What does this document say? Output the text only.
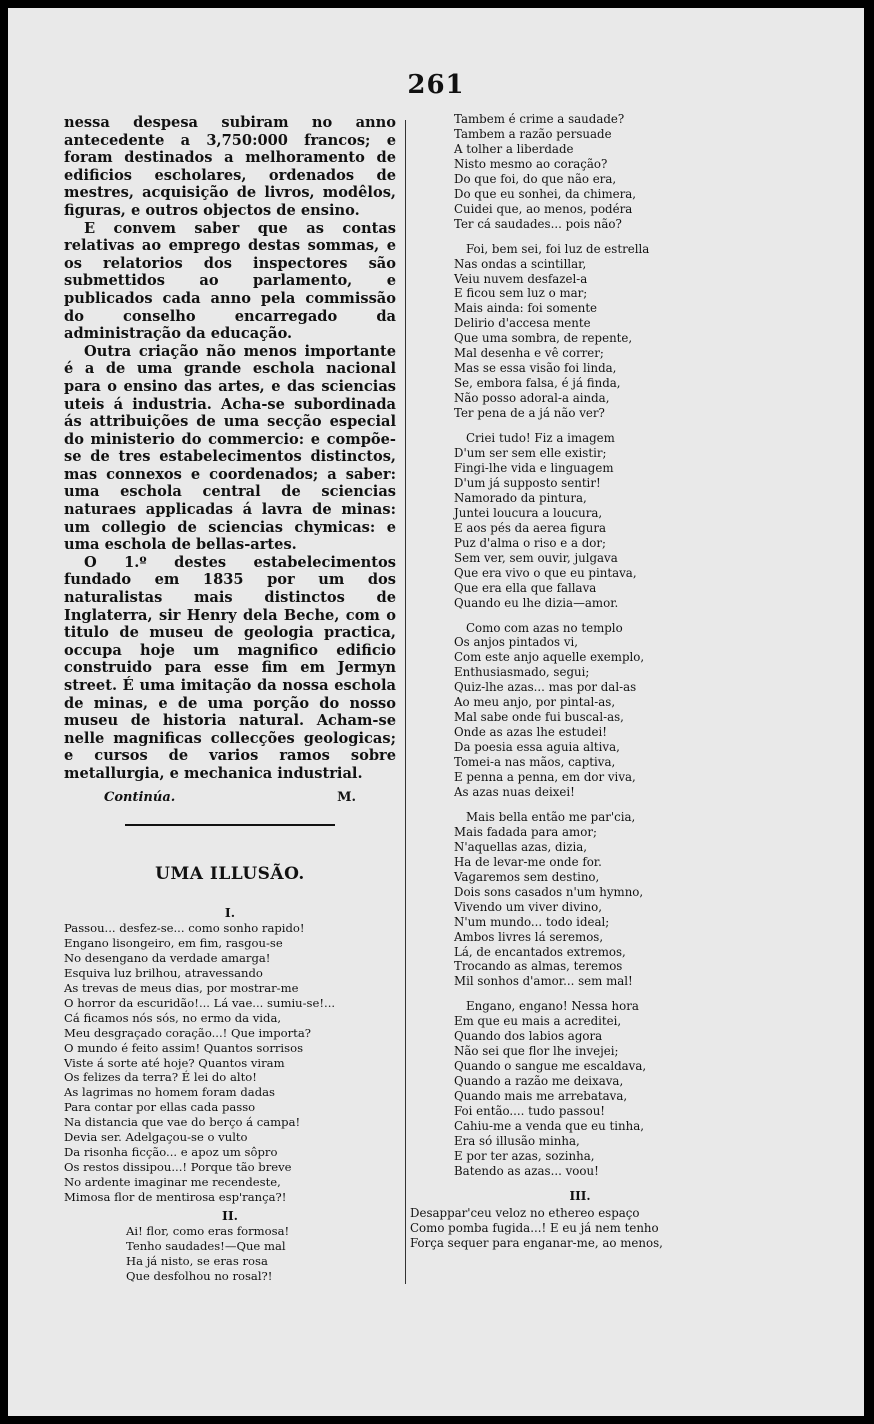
261

nessa despesa subiram no anno antecedente a 3,750:000 francos; e foram destinados a melhoramento de edificios escholares, ordenados de mestres, acquisição de livros, modêlos, figuras, e outros objectos de ensino.

E convem saber que as contas relativas ao emprego destas sommas, e os relatorios dos inspectores são submettidos ao parlamento, e publicados cada anno pela commissão do conselho encarregado da administração da educação.

Outra criação não menos importante é a de uma grande eschola nacional para o ensino das artes, e das sciencias uteis á industria. Acha-se subordinada ás attribuições de uma secção especial do ministerio do commercio: e compõe-se de tres estabelecimentos distinctos, mas connexos e coordenados; a saber: uma eschola central de sciencias naturaes applicadas á lavra de minas: um collegio de sciencias chymicas: e uma eschola de bellas-artes.

O 1.º destes estabelecimentos fundado em 1835 por um dos naturalistas mais distinctos de Inglaterra, sir Henry dela Beche, com o titulo de museu de geologia practica, occupa hoje um magnifico edificio construido para esse fim em Jermyn street. É uma imitação da nossa eschola de minas, e de uma porção do nosso museu de historia natural. Acham-se nelle magnificas collecções geologicas; e cursos de varios ramos sobre metallurgia, e mechanica industrial.

Continúa.	M.
UMA ILLUSÃO.
I.
Passou... desfez-se... como sonho rapido!
Engano lisongeiro, em fim, rasgou-se
No desengano da verdade amarga!
Esquiva luz brilhou, atravessando
As trevas de meus dias, por mostrar-me
O horror da escuridão!... Lá vae... sumiu-se!...
Cá ficamos nós sós, no ermo da vida,
Meu desgraçado coração...! Que importa?
O mundo é feito assim! Quantos sorrisos
Viste á sorte até hoje? Quantos viram
Os felizes da terra? É lei do alto!
As lagrimas no homem foram dadas
Para contar por ellas cada passo
Na distancia que vae do berço á campa!
Devia ser. Adelgaçou-se o vulto
Da risonha ficção... e apoz um sôpro
Os restos dissipou...! Porque tão breve
No ardente imaginar me recendeste,
Mimosa flor de mentirosa esp'rança?!
II.
Ai! flor, como eras formosa!
Tenho saudades!—Que mal
Ha já nisto, se eras rosa
Que desfolhou no rosal?!
Tambem é crime a saudade?
Tambem a razão persuade
A tolher a liberdade
Nisto mesmo ao coração?
Do que foi, do que não era,
Do que eu sonhei, da chimera,
Cuidei que, ao menos, podéra
Ter cá saudades... pois não?
Foi, bem sei, foi luz de estrella
Nas ondas a scintillar,
Veiu nuvem desfazel-a
E ficou sem luz o mar;
Mais ainda: foi somente
Delirio d'accesa mente
Que uma sombra, de repente,
Mal desenha e vê correr;
Mas se essa visão foi linda,
Se, embora falsa, é já finda,
Não posso adoral-a ainda,
Ter pena de a já não ver?
Criei tudo! Fiz a imagem
D'um ser sem elle existir;
Fingi-lhe vida e linguagem
D'um já supposto sentir!
Namorado da pintura,
Juntei loucura a loucura,
E aos pés da aerea figura
Puz d'alma o riso e a dor;
Sem ver, sem ouvir, julgava
Que era vivo o que eu pintava,
Que era ella que fallava
Quando eu lhe dizia—amor.
Como com azas no templo
Os anjos pintados vi,
Com este anjo aquelle exemplo,
Enthusiasmado, segui;
Quiz-lhe azas... mas por dal-as
Ao meu anjo, por pintal-as,
Mal sabe onde fui buscal-as,
Onde as azas lhe estudei!
Da poesia essa aguia altiva,
Tomei-a nas mãos, captiva,
E penna a penna, em dor viva,
As azas nuas deixei!
Mais bella então me par'cia,
Mais fadada para amor;
N'aquellas azas, dizia,
Ha de levar-me onde for.
Vagaremos sem destino,
Dois sons casados n'um hymno,
Vivendo um viver divino,
N'um mundo... todo ideal;
Ambos livres lá seremos,
Lá, de encantados extremos,
Trocando as almas, teremos
Mil sonhos d'amor... sem mal!
Engano, engano! Nessa hora
Em que eu mais a acreditei,
Quando dos labios agora
Não sei que flor lhe invejei;
Quando o sangue me escaldava,
Quando a razão me deixava,
Quando mais me arrebatava,
Foi então.... tudo passou!
Cahiu-me a venda que eu tinha,
Era só illusão minha,
E por ter azas, sozinha,
Batendo as azas... voou!
III.
Desappar'ceu veloz no ethereo espaço
Como pomba fugida...! E eu já nem tenho
Força sequer para enganar-me, ao menos,
